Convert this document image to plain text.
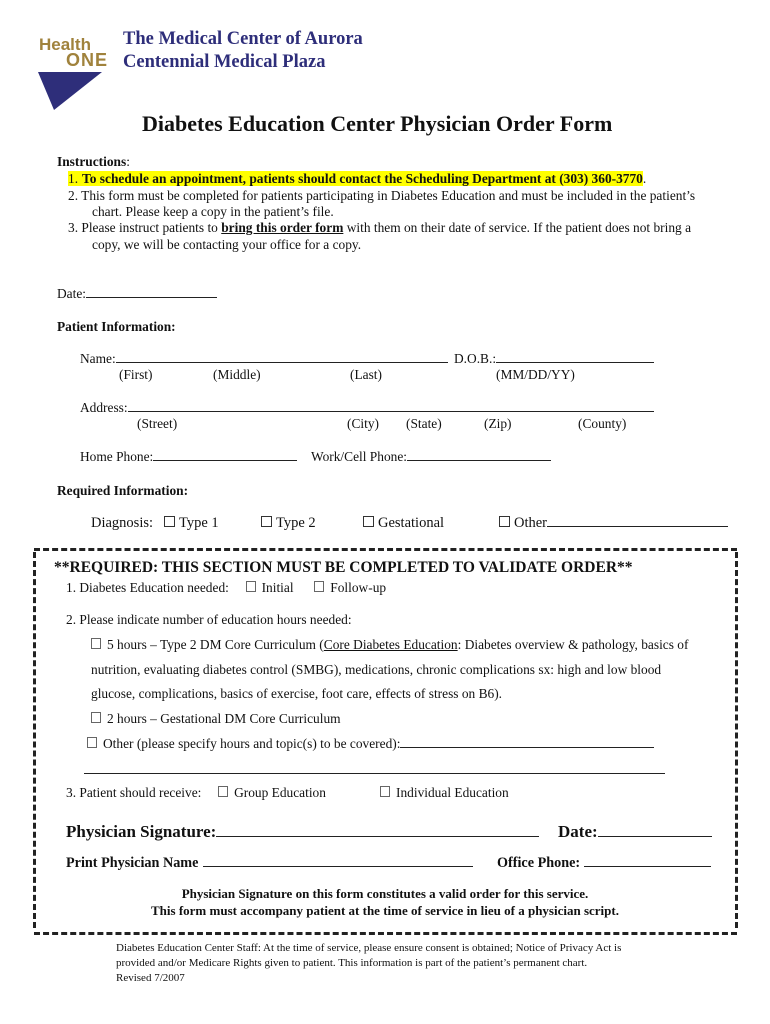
Health
ONE
The Medical Center of Aurora
Centennial Medical Plaza
Diabetes Education Center Physician Order Form
Instructions:
1. To schedule an appointment, patients should contact the Scheduling Department at (303) 360-3770.
2. This form must be completed for patients participating in Diabetes Education and must be included in the patient’s
chart. Please keep a copy in the patient’s file.
3. Please instruct patients to bring this order form with them on their date of service. If the patient does not bring a
copy, we will be contacting your office for a copy.
Date:
Patient Information:
Name:	D.O.B.:
(First)	(Middle)	(Last)	(MM/DD/YY)
Address:
(Street)	(City) (State)	(Zip)	(County)
Home Phone:	Work/Cell Phone:
Required Information:
Diagnosis:	Type 1	Type 2	Gestational	Other
**REQUIRED: THIS SECTION MUST BE COMPLETED TO VALIDATE ORDER**
1. Diabetes Education needed: Initial	Follow-up
2. Please indicate number of education hours needed:
5 hours – Type 2 DM Core Curriculum (Core Diabetes Education: Diabetes overview & pathology, basics of
nutrition, evaluating diabetes control (SMBG), medications, chronic complications sx: high and low blood
glucose, complications, basics of exercise, foot care, effects of stress on B6).
2 hours – Gestational DM Core Curriculum
Other (please specify hours and topic(s) to be covered):
3. Patient should receive: Group Education	Individual Education
Physician Signature:	Date:
Print Physician Name	Office Phone:
Physician Signature on this form constitutes a valid order for this service.
This form must accompany patient at the time of service in lieu of a physician script.
Diabetes Education Center Staff: At the time of service, please ensure consent is obtained; Notice of Privacy Act is
provided and/or Medicare Rights given to patient. This information is part of the patient’s permanent chart.
Revised 7/2007
